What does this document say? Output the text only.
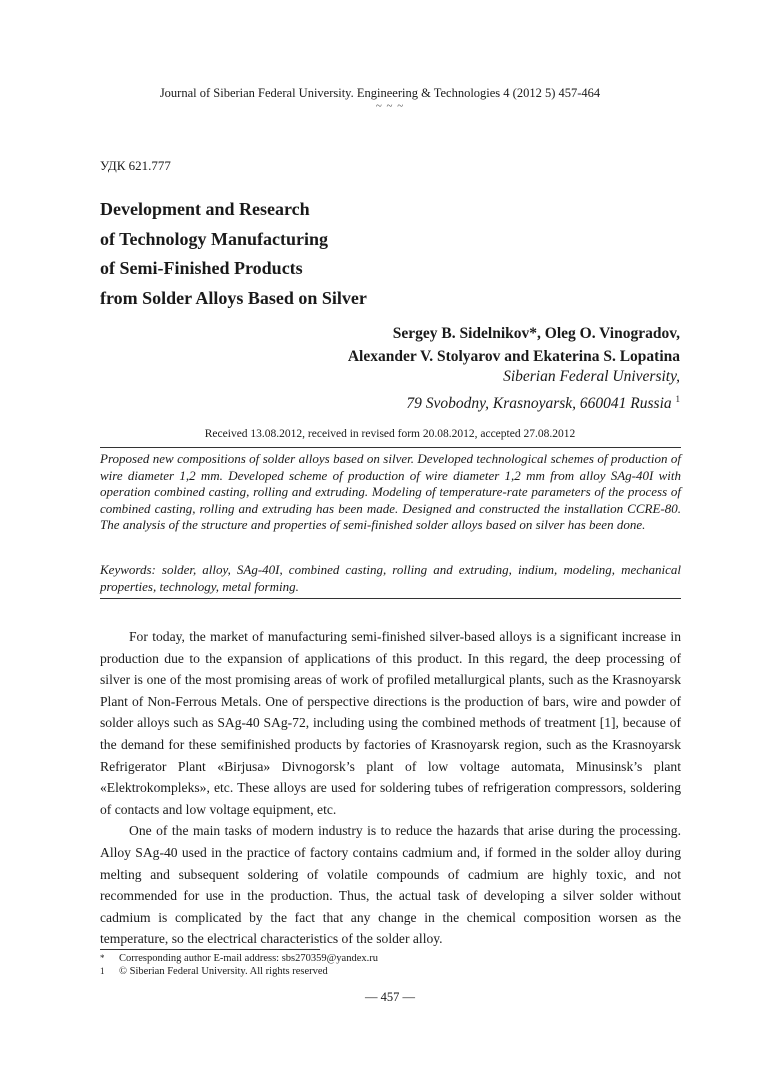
Journal of Siberian Federal University. Engineering & Technologies 4 (2012 5) 457-464
~ ~ ~
УДК 621.777
Development and Research
of Technology Manufacturing
of Semi-Finished Products
from Solder Alloys Based on Silver
Sergey B. Sidelnikov*, Oleg O. Vinogradov,
Alexander V. Stolyarov and Ekaterina S. Lopatina
Siberian Federal University,
79 Svobodny, Krasnoyarsk, 660041 Russia $^1$
Received 13.08.2012, received in revised form 20.08.2012, accepted 27.08.2012
Proposed new compositions of solder alloys based on silver. Developed technological schemes of production of wire diameter 1,2 mm. Developed scheme of production of wire diameter 1,2 mm from alloy SAg-40I with operation combined casting, rolling and extruding. Modeling of temperature-rate parameters of the process of combined casting, rolling and extruding has been made. Designed and constructed the installation CCRE-80. The analysis of the structure and properties of semi-finished solder alloys based on silver has been done.
Keywords: solder, alloy, SAg-40I, combined casting, rolling and extruding, indium, modeling, mechanical properties, technology, metal forming.

For today, the market of manufacturing semi-finished silver-based alloys is a significant increase in production due to the expansion of applications of this product. In this regard, the deep processing of silver is one of the most promising areas of work of profiled metallurgical plants, such as the Krasnoyarsk Plant of Non-Ferrous Metals. One of perspective directions is the production of bars, wire and powder of solder alloys such as SAg-40 SAg-72, including using the combined methods of treatment [1], because of the demand for these semifinished products by factories of Krasnoyarsk region, such as the Krasnoyarsk Refrigerator Plant «Birjusa» Divnogorsk’s plant of low voltage automata, Minusinsk’s plant «Elektrokompleks», etc. These alloys are used for soldering tubes of refrigeration compressors, soldering of contacts and low voltage equipment, etc.

One of the main tasks of modern industry is to reduce the hazards that arise during the processing. Alloy SAg-40 used in the practice of factory contains cadmium and, if formed in the solder alloy during melting and subsequent soldering of volatile compounds of cadmium are highly toxic, and not recommended for use in the production. Thus, the actual task of developing a silver solder without cadmium is complicated by the fact that any change in the chemical composition worsen as the temperature, so the electrical characteristics of the solder alloy.

*	Corresponding author E-mail address: sbs270359@yandex.ru
1	© Siberian Federal University. All rights reserved
— 457 —
